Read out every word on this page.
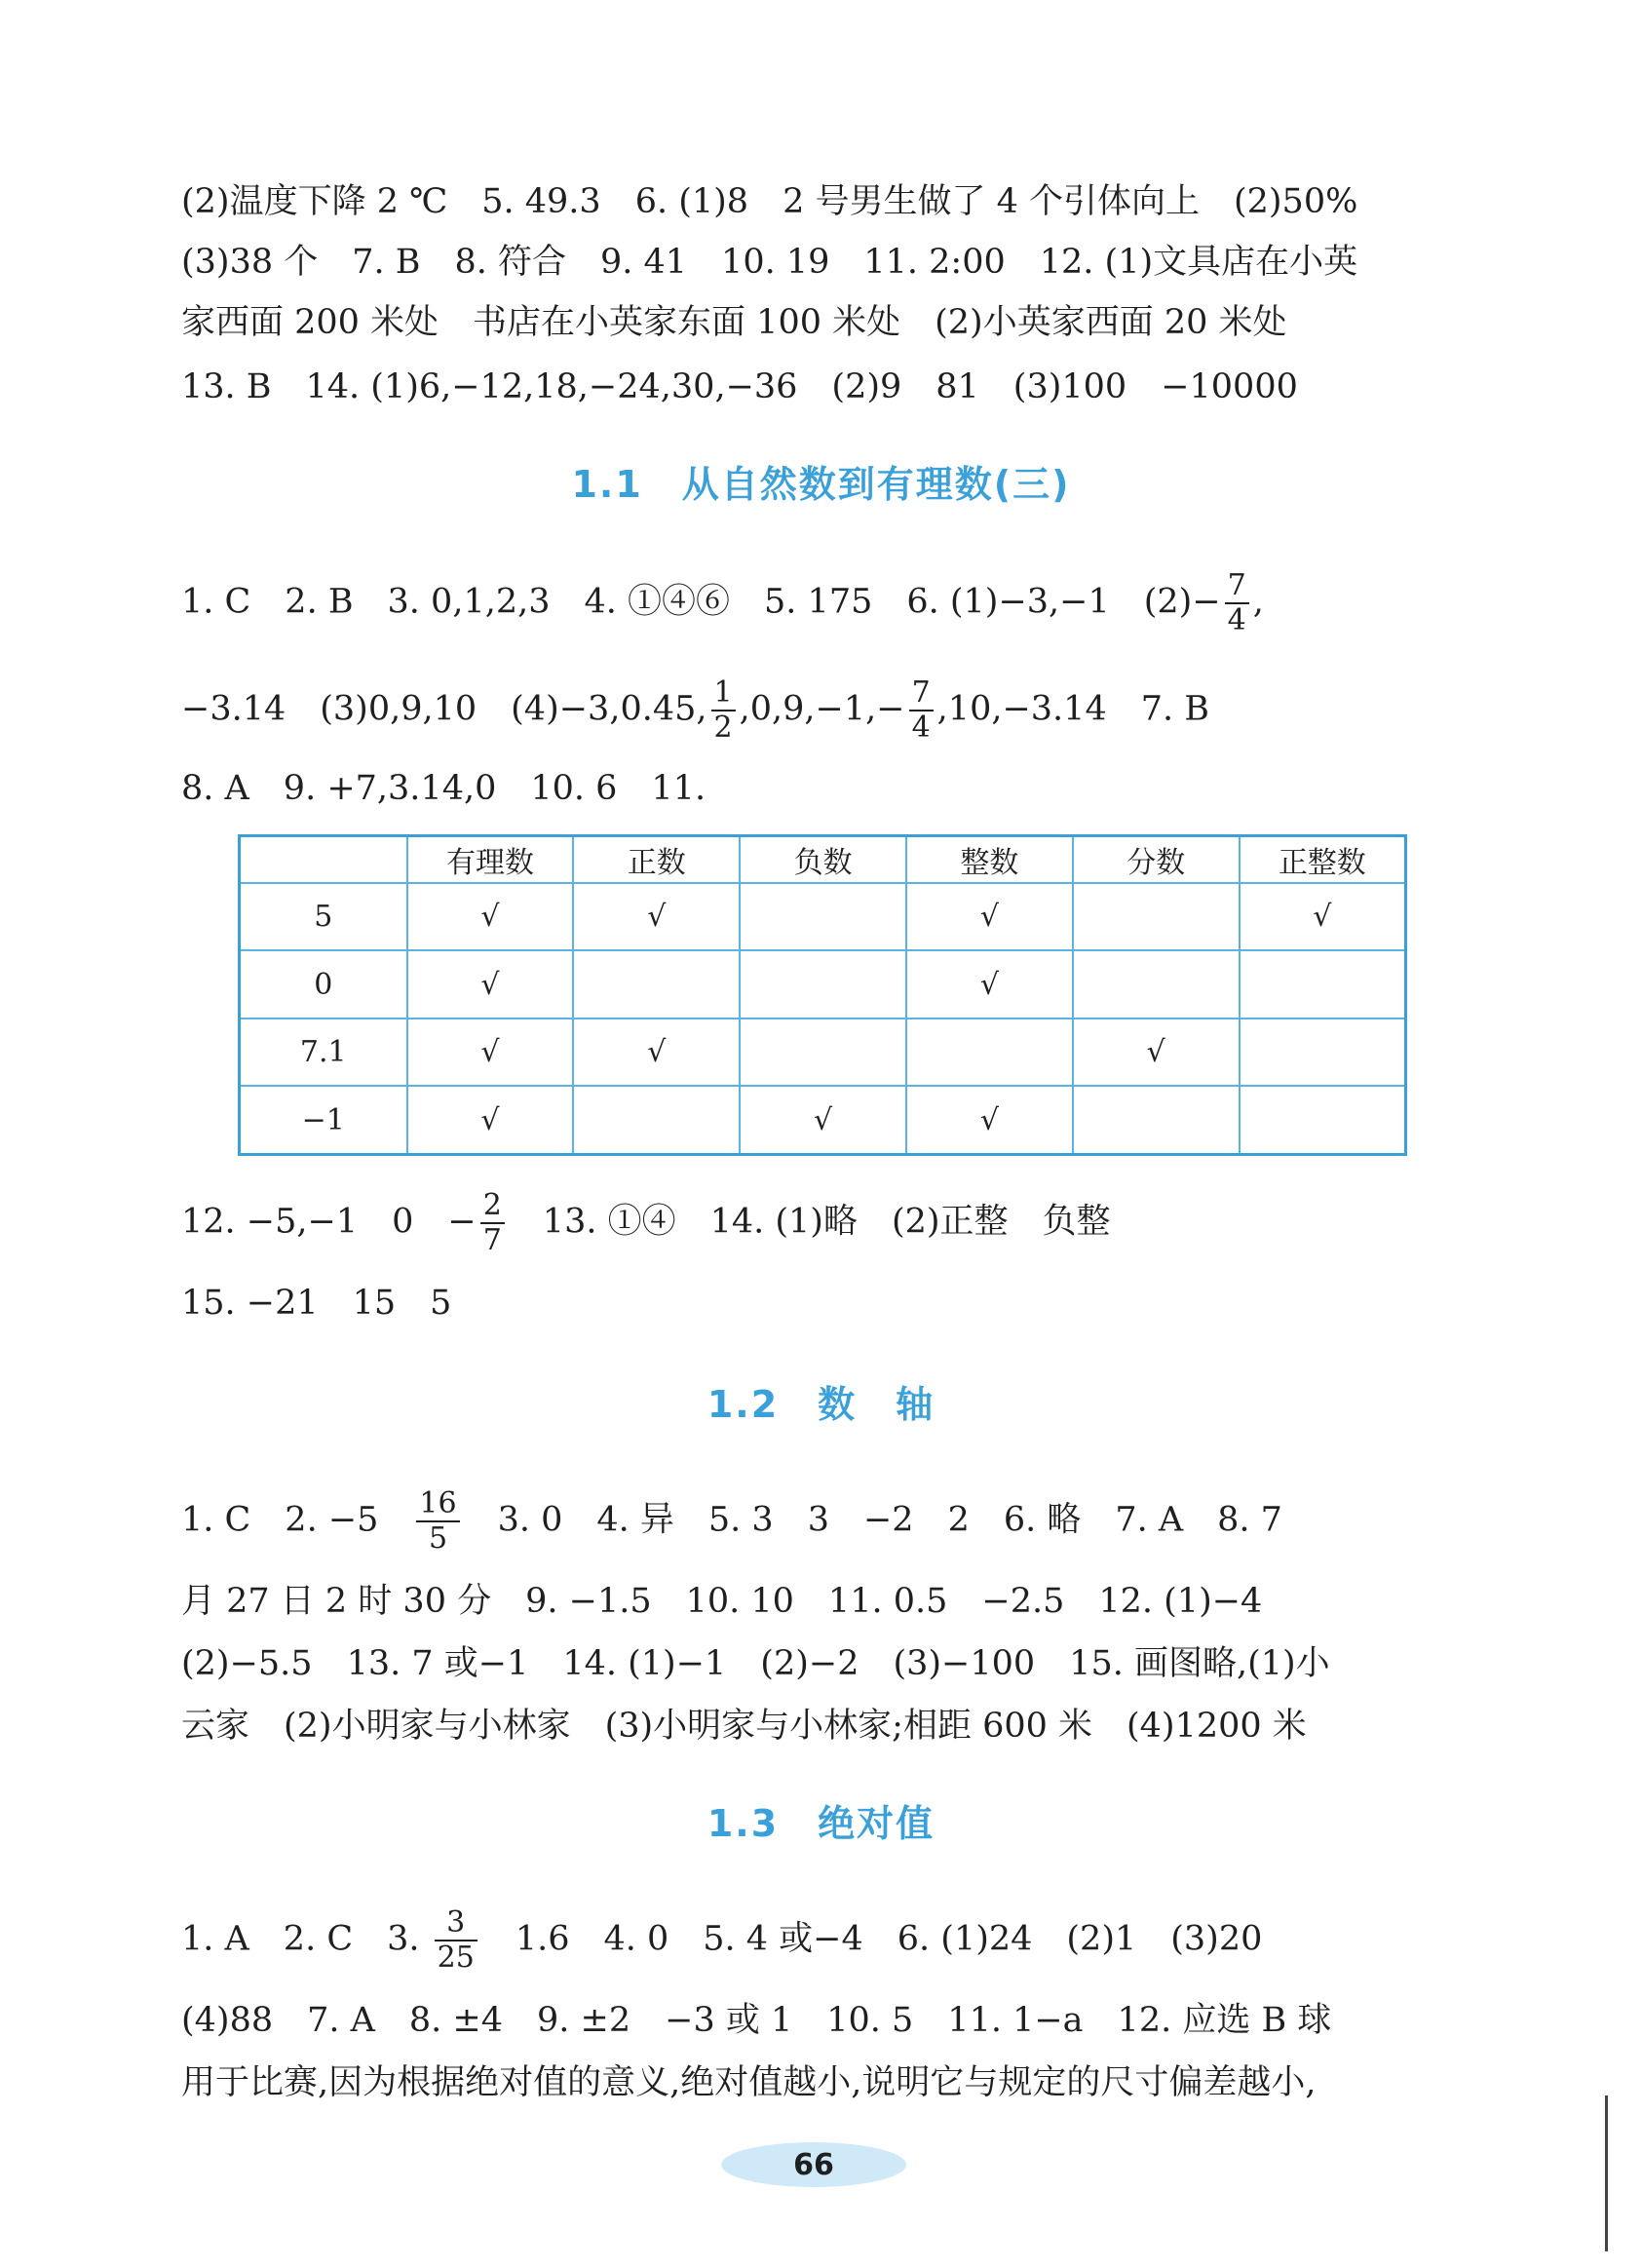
(2)温度下降 2 ℃　5. 49.3　6. (1)8　2 号男生做了 4 个引体向上　(2)50%
(3)38 个　7. B　8. 符合　9. 41　10. 19　11. 2:00　12. (1)文具店在小英
家西面 200 米处　书店在小英家东面 100 米处　(2)小英家西面 20 米处
13. B　14. (1)6,−12,18,−24,30,−36　(2)9　81　(3)100　−10000
1.1　从自然数到有理数(三)
1. C　2. B　3. 0,1,2,3　4. ①④⑥　5. 175　6. (1)−3,−1　$(2)- \frac{7}{4}$ ,
−3.14　(3)0,9,10　(4)−3,0.45, $\frac{1}{2} ,0,9,-1,- \frac{7}{4} ,10,-3.14$　7. B
8. A　9. +7,3.14,0　10. 6　11.
	有理数	正数	负数	整数	分数	正整数
5	√	√		√		√
0	√			√		
7.1	√	√			√	
−1	√		√	√		
12. −5,−1　0　− $\frac{2}{7}$ 　13. ①④　14. (1)略　(2)正整　负整
15. −21　15　5
1.2　数　轴
1. C　2. −5　 $\frac{16}{5}$ 　3. 0　4. 异　5. 3　3　−2　2　6. 略　7. A　8. 7
月 27 日 2 时 30 分　9. −1.5　10. 10　11. 0.5　−2.5　12. (1)−4
(2)−5.5　13. 7 或−1　14. (1)−1　(2)−2　(3)−100　15. 画图略,(1)小
云家　(2)小明家与小林家　(3)小明家与小林家;相距 600 米　(4)1200 米
1.3　绝对值
1. A　2. C　3. $\frac{3}{25}$ 　1.6　4. 0　5. 4 或−4　6. (1)24　(2)1　(3)20
(4)88　7. A　8. ±4　9. ±2　−3 或 1　10. 5　11. 1−a　12. 应选 B 球
用于比赛,因为根据绝对值的意义,绝对值越小,说明它与规定的尺寸偏差越小,
66
